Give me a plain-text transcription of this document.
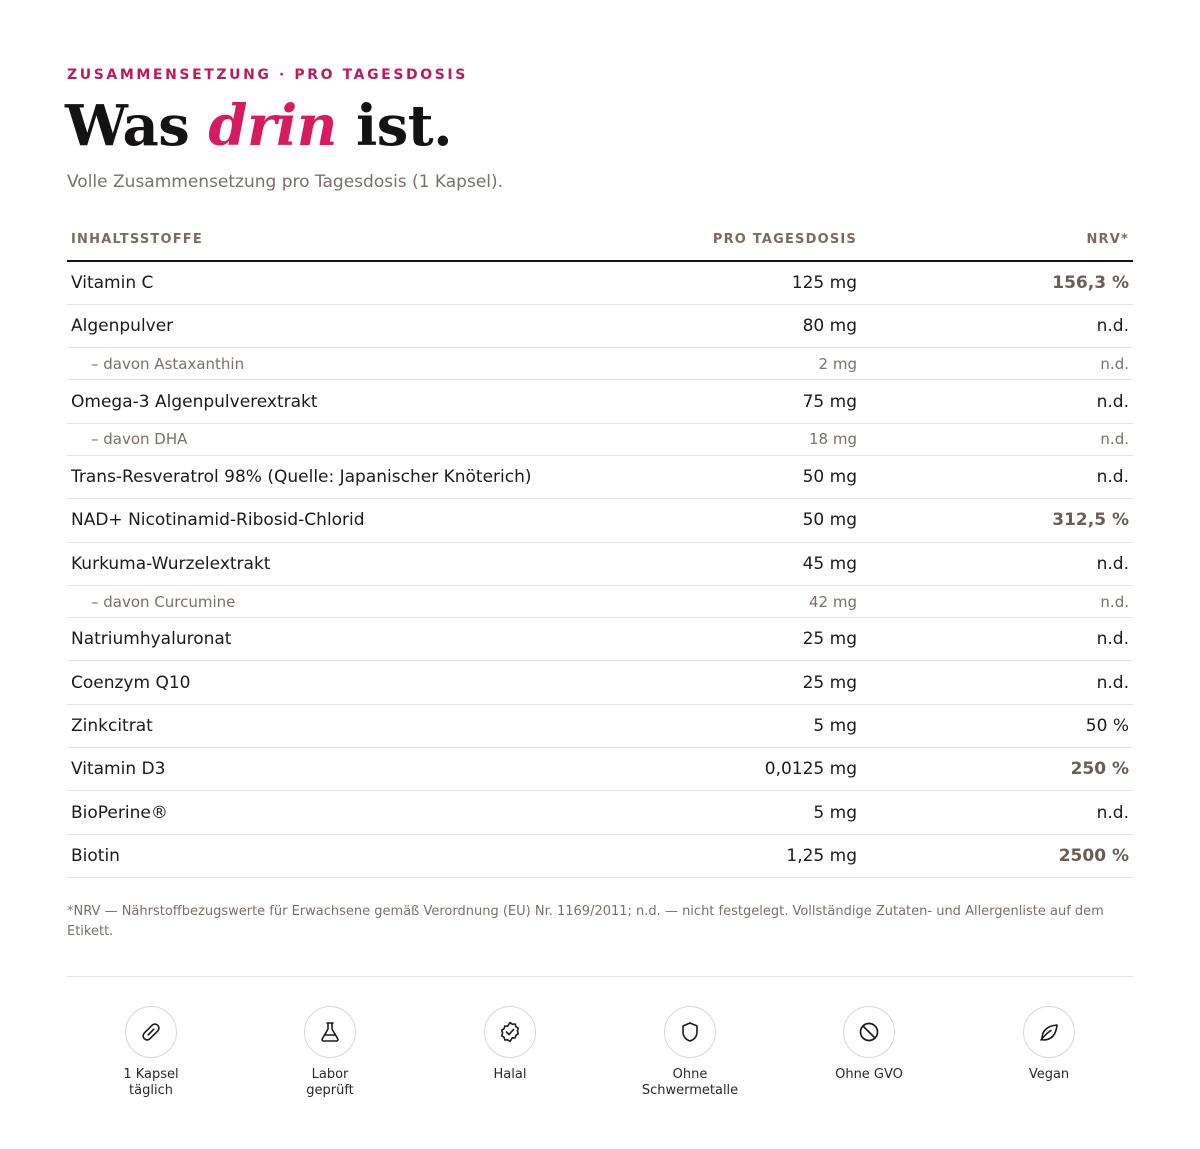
ZUSAMMENSETZUNG · PRO TAGESDOSIS
Was drin ist.

Volle Zusammensetzung pro Tagesdosis (1 Kapsel).

INHALTSSTOFFE	PRO TAGESDOSIS	NRV*
Vitamin C	125 mg	156,3 %
Algenpulver	80 mg	n.d.
– davon Astaxanthin	2 mg	n.d.
Omega-3 Algenpulverextrakt	75 mg	n.d.
– davon DHA	18 mg	n.d.
Trans-Resveratrol 98% (Quelle: Japanischer Knöterich)	50 mg	n.d.
NAD+ Nicotinamid-Ribosid-Chlorid	50 mg	312,5 %
Kurkuma-Wurzelextrakt	45 mg	n.d.
– davon Curcumine	42 mg	n.d.
Natriumhyaluronat	25 mg	n.d.
Coenzym Q10	25 mg	n.d.
Zinkcitrat	5 mg	50 %
Vitamin D3	0,0125 mg	250 %
BioPerine®	5 mg	n.d.
Biotin	1,25 mg	2500 %

*NRV — Nährstoffbezugswerte für Erwachsene gemäß Verordnung (EU) Nr. 1169/2011; n.d. — nicht festgelegt. Vollständige Zutaten- und Allergenliste auf dem Etikett.

1 Kapsel
täglich
Labor
geprüft
Halal	Ohne
Schwermetalle
Ohne GVO	Vegan
